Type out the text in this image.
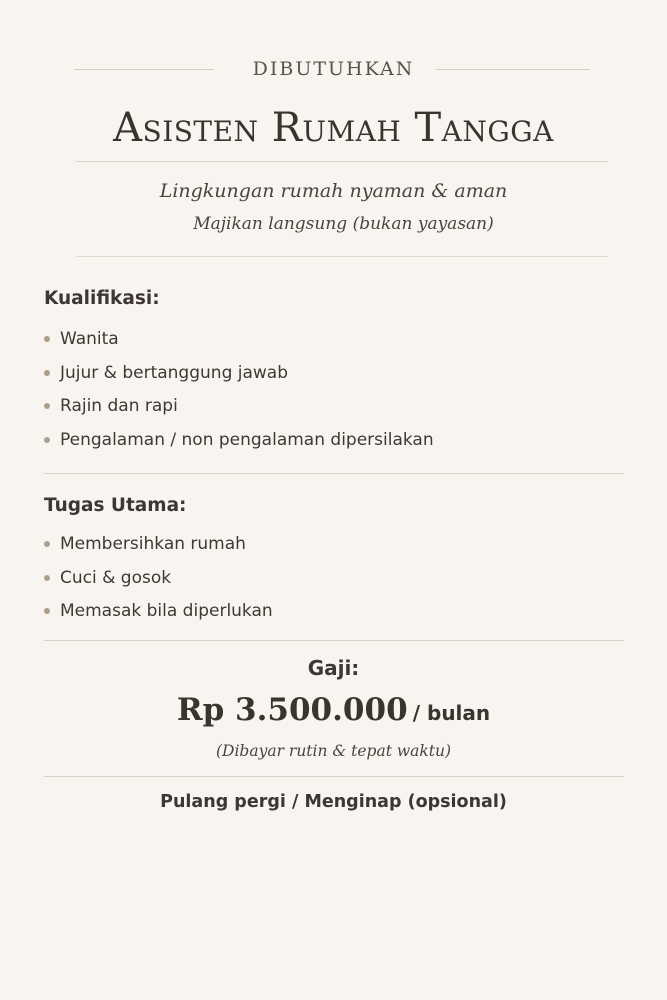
DIBUTUHKAN
Asisten Rumah Tangga
Lingkungan rumah nyaman & aman
Majikan langsung (bukan yayasan)
Kualifikasi:
Wanita
Jujur & bertanggung jawab
Rajin dan rapi
Pengalaman / non pengalaman dipersilakan
Tugas Utama:
Membersihkan rumah
Cuci & gosok
Memasak bila diperlukan
Gaji:
Rp 3.500.000 / bulan
(Dibayar rutin & tepat waktu)
Pulang pergi / Menginap (opsional)
